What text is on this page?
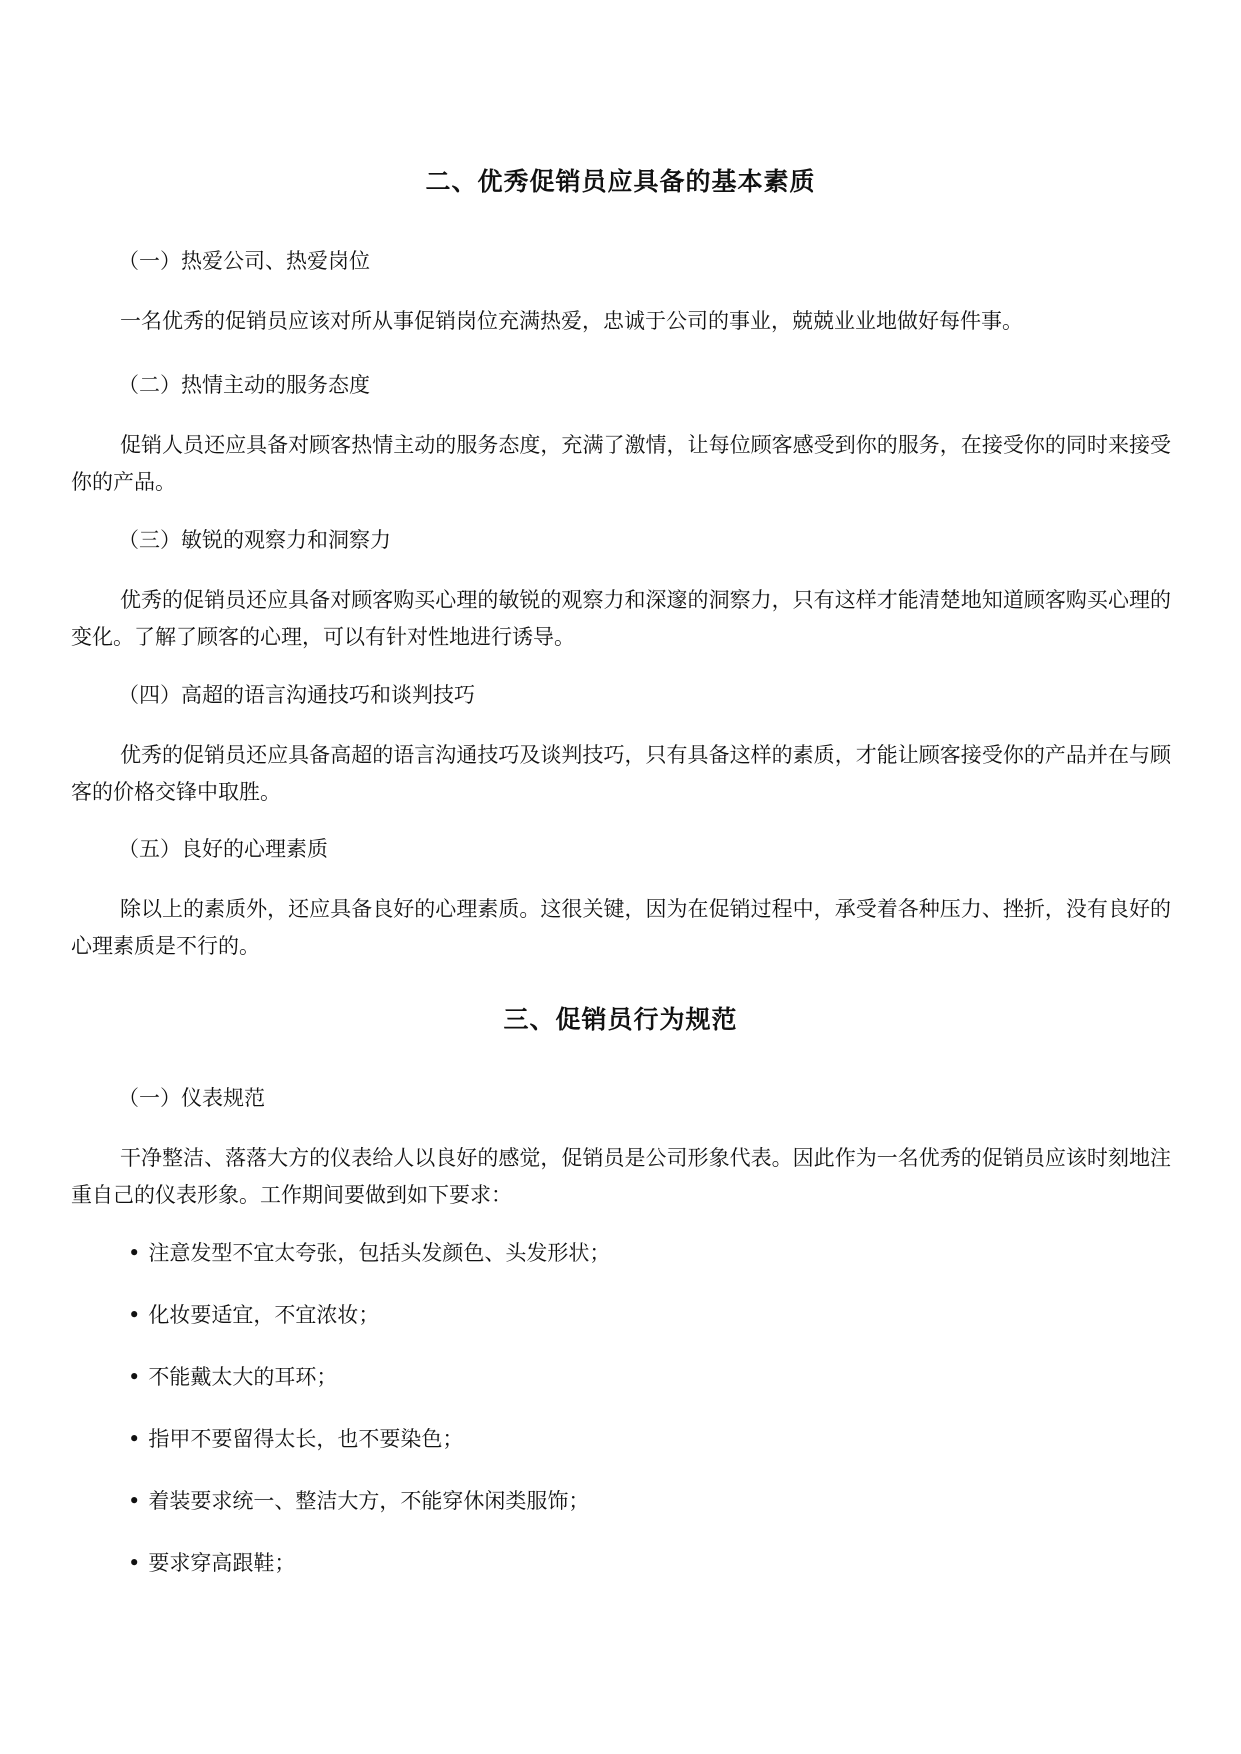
二、优秀促销员应具备的基本素质
（一）热爱公司、热爱岗位
一名优秀的促销员应该对所从事促销岗位充满热爱，忠诚于公司的事业，兢兢业业地做好每件事。
（二）热情主动的服务态度
促销人员还应具备对顾客热情主动的服务态度，充满了激情，让每位顾客感受到你的服务，在接受你的同时来接受你的产品。
（三）敏锐的观察力和洞察力
优秀的促销员还应具备对顾客购买心理的敏锐的观察力和深邃的洞察力，只有这样才能清楚地知道顾客购买心理的变化。了解了顾客的心理，可以有针对性地进行诱导。
（四）高超的语言沟通技巧和谈判技巧
优秀的促销员还应具备高超的语言沟通技巧及谈判技巧，只有具备这样的素质，才能让顾客接受你的产品并在与顾客的价格交锋中取胜。
（五）良好的心理素质
除以上的素质外，还应具备良好的心理素质。这很关键，因为在促销过程中，承受着各种压力、挫折，没有良好的心理素质是不行的。
三、促销员行为规范
（一）仪表规范
干净整洁、落落大方的仪表给人以良好的感觉，促销员是公司形象代表。因此作为一名优秀的促销员应该时刻地注重自己的仪表形象。工作期间要做到如下要求：
• 注意发型不宜太夸张，包括头发颜色、头发形状；
• 化妆要适宜，不宜浓妆；
• 不能戴太大的耳环；
• 指甲不要留得太长，也不要染色；
• 着装要求统一、整洁大方，不能穿休闲类服饰；
• 要求穿高跟鞋；
